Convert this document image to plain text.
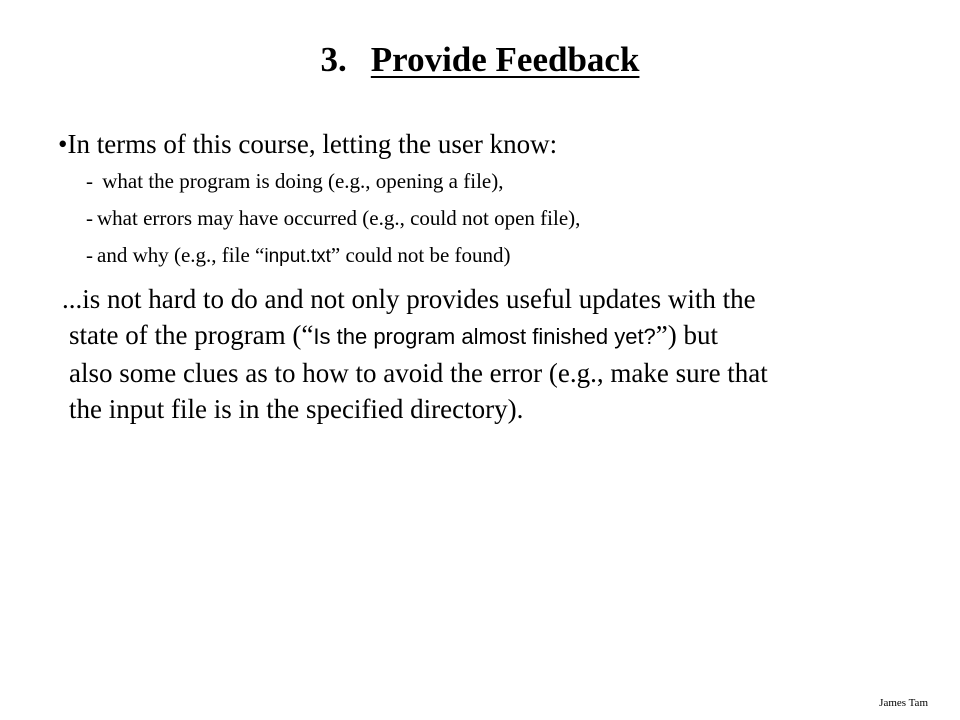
3. Provide Feedback
•In terms of this course, letting the user know:
- what the program is doing (e.g., opening a file),
- what errors may have occurred (e.g., could not open file),
- and why (e.g., file “input.txt” could not be found)
...is not hard to do and not only provides useful updates with the
state of the program (“Is the program almost finished yet?”) but
also some clues as to how to avoid the error (e.g., make sure that
the input file is in the specified directory).
James Tam
